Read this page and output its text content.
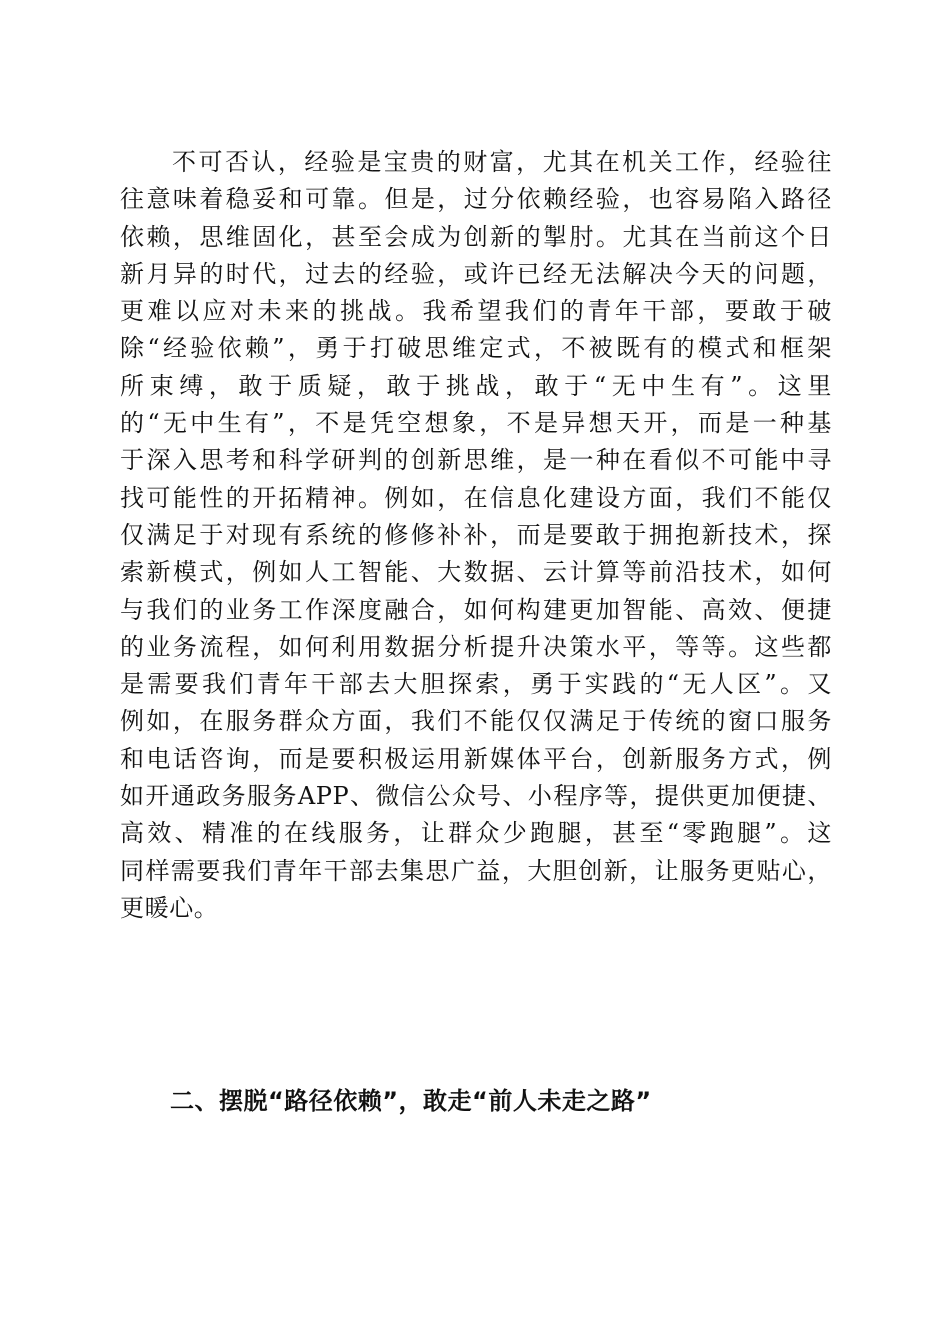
不可否认，经验是宝贵的财富，尤其在机关工作，经验往
往意味着稳妥和可靠。但是，过分依赖经验，也容易陷入路径
依赖，思维固化，甚至会成为创新的掣肘。尤其在当前这个日
新月异的时代，过去的经验，或许已经无法解决今天的问题，
更难以应对未来的挑战。我希望我们的青年干部，要敢于破
除“经验依赖”，勇于打破思维定式，不被既有的模式和框架
所束缚，敢于质疑，敢于挑战，敢于“无中生有”。这里
的“无中生有”，不是凭空想象，不是异想天开，而是一种基
于深入思考和科学研判的创新思维，是一种在看似不可能中寻
找可能性的开拓精神。例如，在信息化建设方面，我们不能仅
仅满足于对现有系统的修修补补，而是要敢于拥抱新技术，探
索新模式，例如人工智能、大数据、云计算等前沿技术，如何
与我们的业务工作深度融合，如何构建更加智能、高效、便捷
的业务流程，如何利用数据分析提升决策水平，等等。这些都
是需要我们青年干部去大胆探索，勇于实践的“无人区”。又
例如，在服务群众方面，我们不能仅仅满足于传统的窗口服务
和电话咨询，而是要积极运用新媒体平台，创新服务方式，例
如开通政务服务APP、微信公众号、小程序等，提供更加便捷、
高效、精准的在线服务，让群众少跑腿，甚至“零跑腿”。这
同样需要我们青年干部去集思广益，大胆创新，让服务更贴心，
更暖心。

二、摆脱“路径依赖”，敢走“前人未走之路”
